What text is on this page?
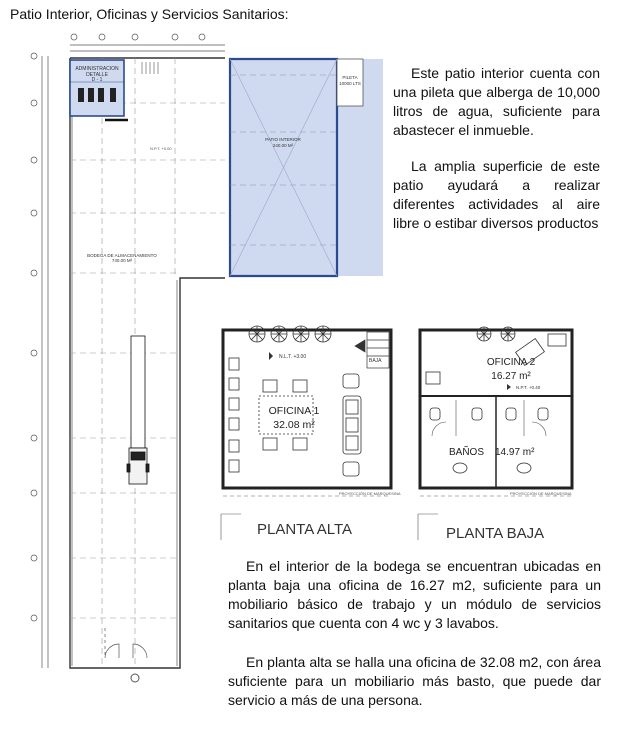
Patio Interior, Oficinas y Servicios Sanitarios:
ADMINISTRACION
DETALLE
D - 1
BODEGA DE ALMACENAMIENTO
740.00 M²
N.P.T. +0.00
PILETA
10000 LTS
PATIO INTERIOR
240.00 M²
Este patio interior cuenta con una pileta que alberga de 10,000 litros de agua, suficiente para abastecer el inmueble.
La amplia superficie de este patio ayudará a realizar diferentes actividades al aire libre o estibar diversos productos
BAJA
N.L.T. +3.00
OFICINA 1
32.08 m²
PROYECCIÓN DE MARQUESINA
PLANTA ALTA
OFICINA 2
16.27 m²
N.P.T. +0.40
BAÑOS 14.97 m²
PROYECCIÓN DE MARQUESINA
PLANTA BAJA
En el interior de la bodega se encuentran ubicadas en planta baja una oficina de 16.27 m2, suficiente para un mobiliario básico de trabajo y un módulo de servicios sanitarios que cuenta con 4 wc y 3 lavabos.
En planta alta se halla una oficina de 32.08 m2, con área suficiente para un mobiliario más basto, que puede dar servicio a más de una persona.
